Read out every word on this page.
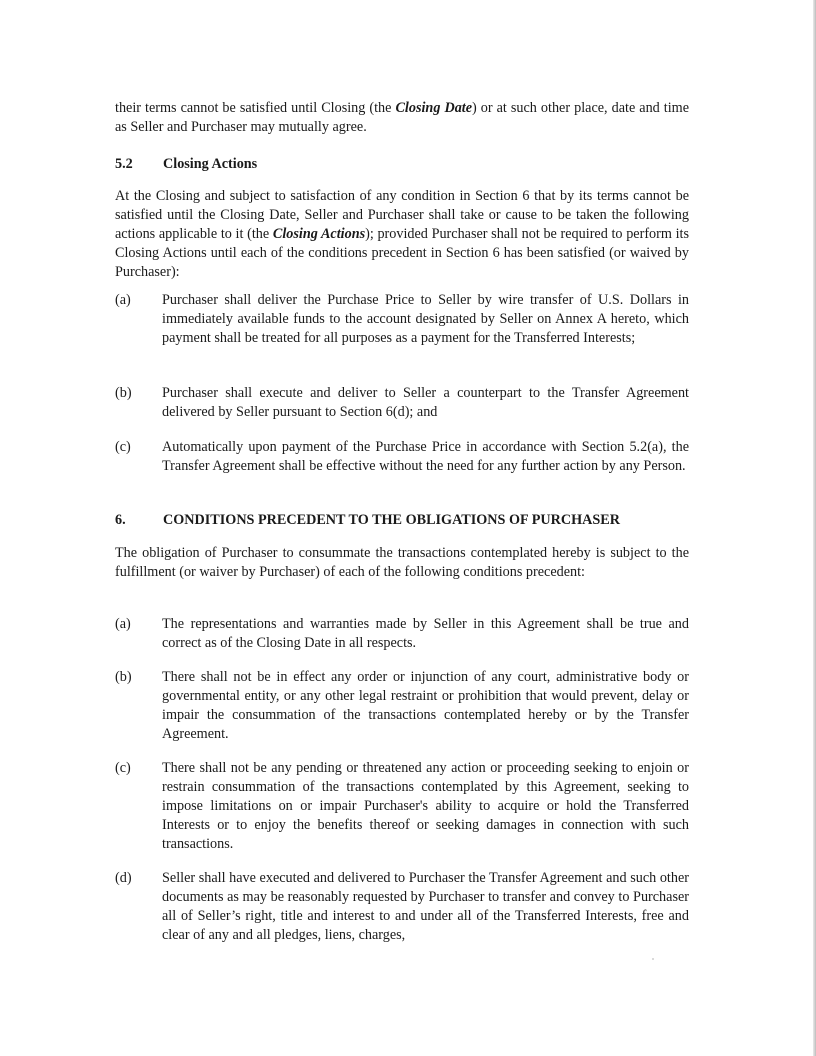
their terms cannot be satisfied until Closing (the Closing Date) or at such other place, date and time as Seller and Purchaser may mutually agree.

5.2 Closing Actions

At the Closing and subject to satisfaction of any condition in Section 6 that by its terms cannot be satisfied until the Closing Date, Seller and Purchaser shall take or cause to be taken the following actions applicable to it (the Closing Actions); provided Purchaser shall not be required to perform its Closing Actions until each of the conditions precedent in Section 6 has been satisfied (or waived by Purchaser):

(a) Purchaser shall deliver the Purchase Price to Seller by wire transfer of U.S. Dollars in immediately available funds to the account designated by Seller on Annex A hereto, which payment shall be treated for all purposes as a payment for the Transferred Interests;
(b) Purchaser shall execute and deliver to Seller a counterpart to the Transfer Agreement delivered by Seller pursuant to Section 6(d); and
(c) Automatically upon payment of the Purchase Price in accordance with Section 5.2(a), the Transfer Agreement shall be effective without the need for any further action by any Person.
6.	CONDITIONS PRECEDENT TO THE OBLIGATIONS OF PURCHASER

The obligation of Purchaser to consummate the transactions contemplated hereby is subject to the fulfillment (or waiver by Purchaser) of each of the following conditions precedent:

(a) The representations and warranties made by Seller in this Agreement shall be true and correct as of the Closing Date in all respects.
(b) There shall not be in effect any order or injunction of any court, administrative body or governmental entity, or any other legal restraint or prohibition that would prevent, delay or impair the consummation of the transactions contemplated hereby or by the Transfer Agreement.
(c) There shall not be any pending or threatened any action or proceeding seeking to enjoin or restrain consummation of the transactions contemplated by this Agreement, seeking to impose limitations on or impair Purchaser's ability to acquire or hold the Transferred Interests or to enjoy the benefits thereof or seeking damages in connection with such transactions.
(d) Seller shall have executed and delivered to Purchaser the Transfer Agreement and such other documents as may be reasonably requested by Purchaser to transfer and convey to Purchaser all of Seller’s right, title and interest to and under all of the Transferred Interests, free and clear of any and all pledges, liens, charges,
